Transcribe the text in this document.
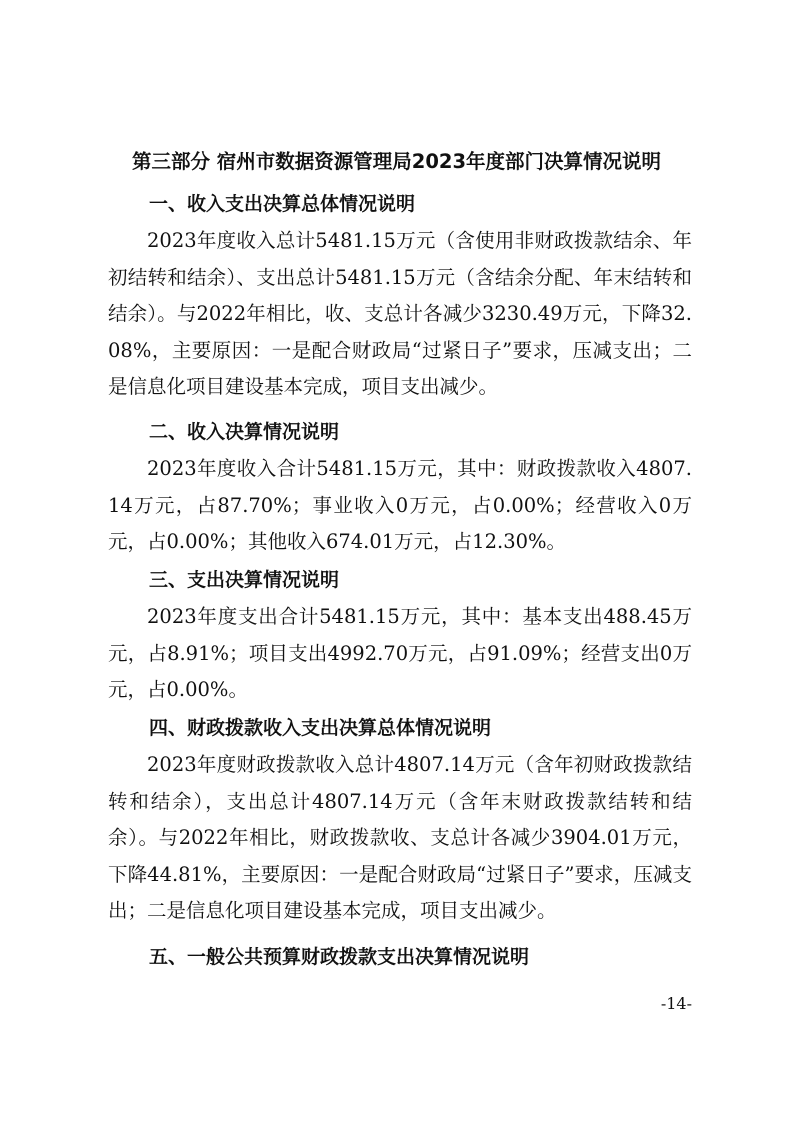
第三部分 宿州市数据资源管理局2023年度部门决算情况说明
一、收入支出决算总体情况说明
2023年度收入总计5481.15万元（含使用非财政拨款结余、年初结转和结余）、支出总计5481.15万元（含结余分配、年末结转和结余）。与2022年相比，收、支总计各减少3230.49万元，下降32.08%，主要原因：一是配合财政局“过紧日子”要求，压减支出；二是信息化项目建设基本完成，项目支出减少。
二、收入决算情况说明
2023年度收入合计5481.15万元，其中：财政拨款收入4807.14万元，占87.70%；事业收入0万元，占0.00%；经营收入0万元，占0.00%；其他收入674.01万元，占12.30%。
三、支出决算情况说明
2023年度支出合计5481.15万元，其中：基本支出488.45万元，占8.91%；项目支出4992.70万元，占91.09%；经营支出0万元，占0.00%。
四、财政拨款收入支出决算总体情况说明
2023年度财政拨款收入总计4807.14万元（含年初财政拨款结转和结余），支出总计4807.14万元（含年末财政拨款结转和结余）。与2022年相比，财政拨款收、支总计各减少3904.01万元，下降44.81%，主要原因：一是配合财政局“过紧日子”要求，压减支出；二是信息化项目建设基本完成，项目支出减少。
五、一般公共预算财政拨款支出决算情况说明
-14-
